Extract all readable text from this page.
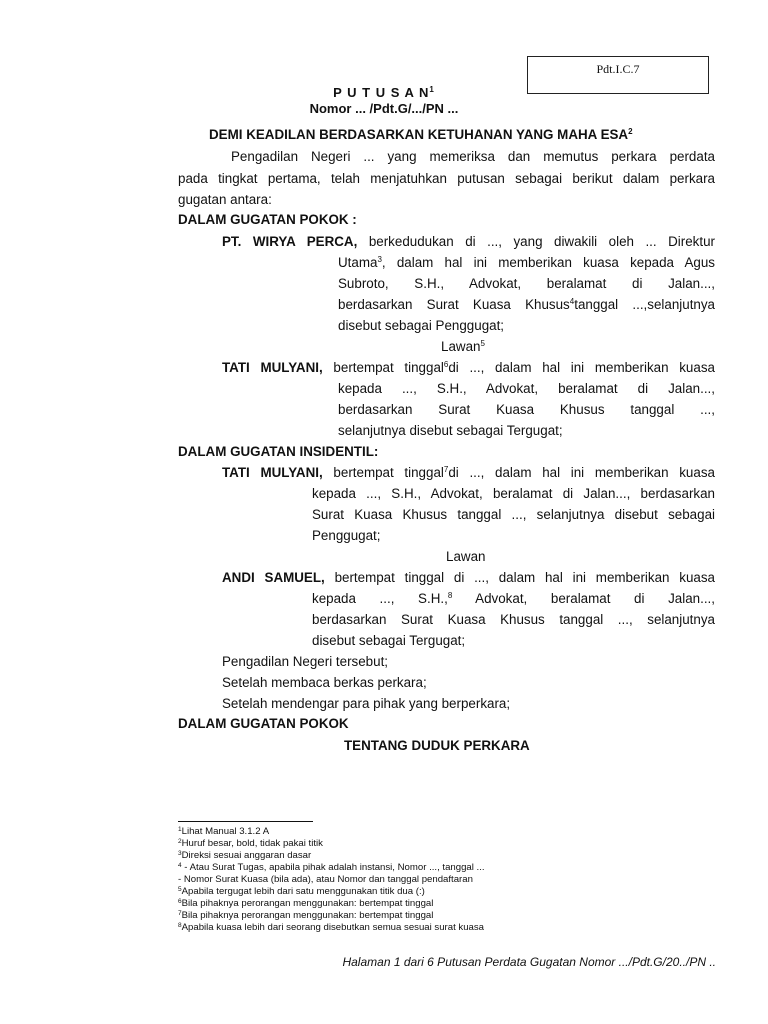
Pdt.I.C.7
P U T U S A $N^1$
Nomor ... /Pdt.G/.../PN ...
DEMI KEADILAN BERDASARKAN KETUHANAN YANG MAHA ESA$^2$
Pengadilan Negeri ... yang memeriksa dan memutus perkara perdata
pada tingkat pertama, telah menjatuhkan putusan sebagai berikut dalam perkara
gugatan antara:
DALAM GUGATAN POKOK :
PT. WIRYA PERCA, berkedudukan di ..., yang diwakili oleh ... Direktur
Utama$^3$, dalam hal ini memberikan kuasa kepada Agus
Subroto, S.H., Advokat, beralamat di Jalan...,
berdasarkan Surat Kuasa Khusus$^4$tanggal ...,selanjutnya
disebut sebagai Penggugat;
Lawan$^5$
TATI MULYANI, bertempat tinggal$^6$di ..., dalam hal ini memberikan kuasa
kepada ..., S.H., Advokat, beralamat di Jalan...,
berdasarkan Surat Kuasa Khusus tanggal ...,
selanjutnya disebut sebagai Tergugat;
DALAM GUGATAN INSIDENTIL:
TATI MULYANI, bertempat tinggal$^7$di ..., dalam hal ini memberikan kuasa
kepada ..., S.H., Advokat, beralamat di Jalan..., berdasarkan
Surat Kuasa Khusus tanggal ..., selanjutnya disebut sebagai
Penggugat;
Lawan
ANDI SAMUEL, bertempat tinggal di ..., dalam hal ini memberikan kuasa
kepada ..., S.H.,$^8$ Advokat, beralamat di Jalan...,
berdasarkan Surat Kuasa Khusus tanggal ..., selanjutnya
disebut sebagai Tergugat;
Pengadilan Negeri tersebut;
Setelah membaca berkas perkara;
Setelah mendengar para pihak yang berperkara;
DALAM GUGATAN POKOK
TENTANG DUDUK PERKARA
$^1$Lihat Manual 3.1.2 A
$^2$Huruf besar, bold, tidak pakai titik
$^3$Direksi sesuai anggaran dasar
$^4$ - Atau Surat Tugas, apabila pihak adalah instansi, Nomor ..., tanggal ...
- Nomor Surat Kuasa (bila ada), atau Nomor dan tanggal pendaftaran
$^5$Apabila tergugat lebih dari satu menggunakan titik dua (:)
$^6$Bila pihaknya perorangan menggunakan: bertempat tinggal
$^7$Bila pihaknya perorangan menggunakan: bertempat tinggal
$^8$Apabila kuasa lebih dari seorang disebutkan semua sesuai surat kuasa
Halaman 1 dari 6 Putusan Perdata Gugatan Nomor .../Pdt.G/20../PN ..
